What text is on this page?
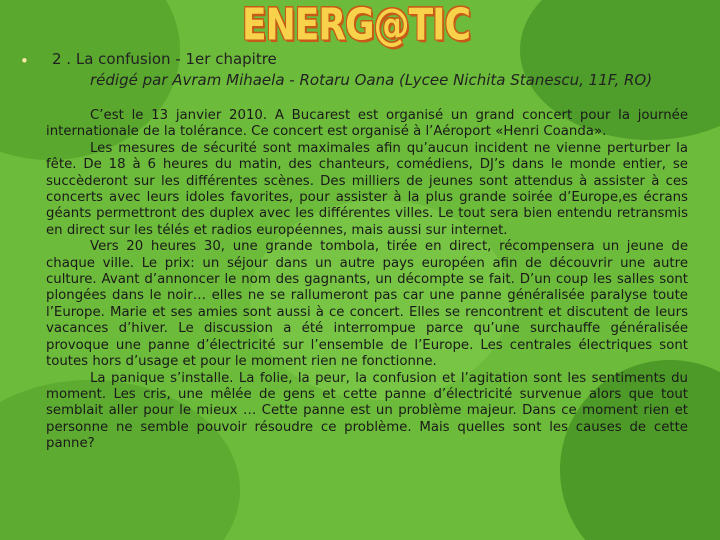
ENERG@TIC
• 2 . La confusion - 1er chapitre
rédigé par Avram Mihaela - Rotaru Oana (Lycee Nichita Stanescu, 11F, RO)

C’est le 13 janvier 2010. A Bucarest est organisé un grand concert pour la journée internationale de la tolérance. Ce concert est organisé à l’Aéroport «Henri Coanda».

Les mesures de sécurité sont maximales afin qu’aucun incident ne vienne perturber la fête. De 18 à 6 heures du matin, des chanteurs, comédiens, DJ’s dans le monde entier, se succèderont sur les différentes scènes. Des milliers de jeunes sont attendus à assister à ces concerts avec leurs idoles favorites, pour assister à la plus grande soirée d’Europe,es écrans géants permettront des duplex avec les différentes villes. Le tout sera bien entendu retransmis en direct sur les télés et radios européennes, mais aussi sur internet.

Vers 20 heures 30, une grande tombola, tirée en direct, récompensera un jeune de chaque ville. Le prix: un séjour dans un autre pays européen afin de découvrir une autre culture. Avant d’annoncer le nom des gagnants, un décompte se fait. D’un coup les salles sont plongées dans le noir… elles ne se rallumeront pas car une panne généralisée paralyse toute l’Europe. Marie et ses amies sont aussi à ce concert. Elles se rencontrent et discutent de leurs vacances d’hiver. Le discussion a été interrompue parce qu’une surchauffe généralisée provoque une panne d’électricité sur l’ensemble de l’Europe. Les centrales électriques sont toutes hors d’usage et pour le moment rien ne fonctionne.

La panique s’installe. La folie, la peur, la confusion et l’agitation sont les sentiments du moment. Les cris, une mêlée de gens et cette panne d’électricité survenue alors que tout semblait aller pour le mieux … Cette panne est un problème majeur. Dans ce moment rien et personne ne semble pouvoir résoudre ce problème. Mais quelles sont les causes de cette panne?
